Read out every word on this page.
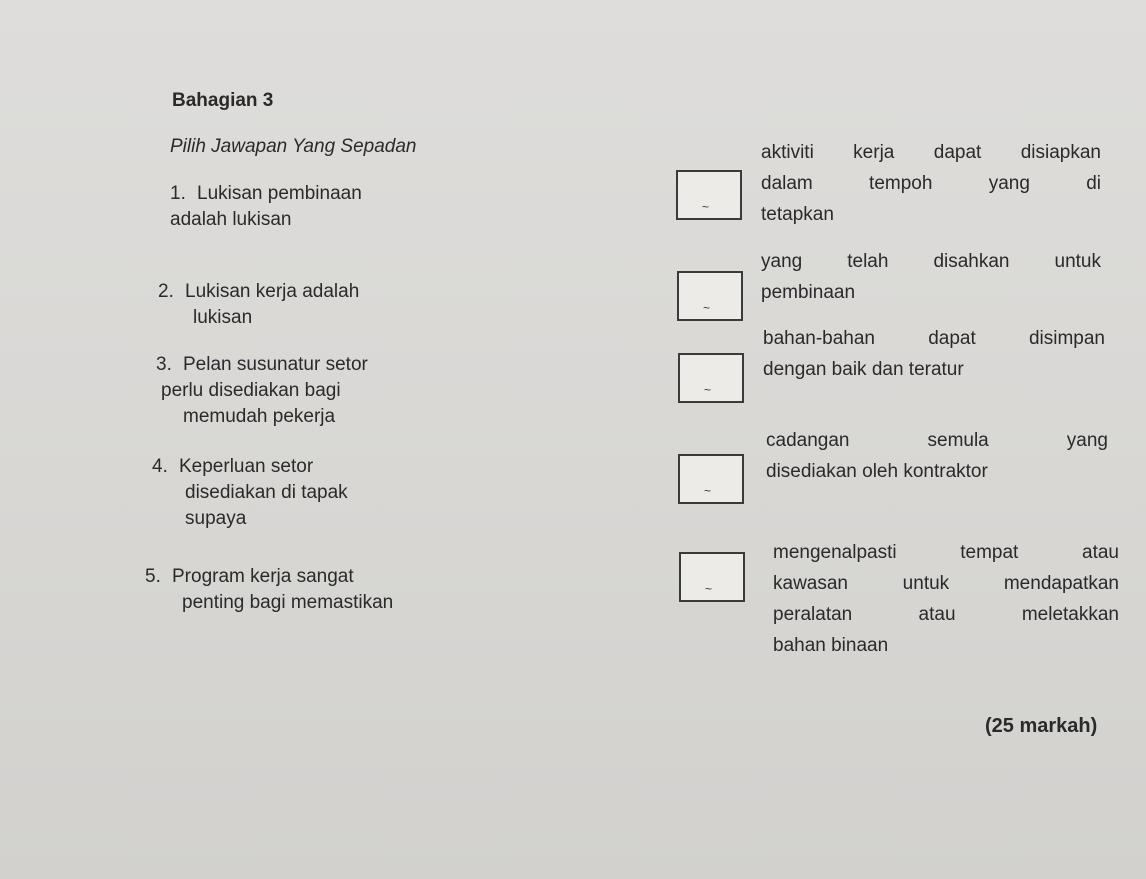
Bahagian 3
Pilih Jawapan Yang Sepadan
1. Lukisan pembinaan
adalah lukisan
2. Lukisan kerja adalah
lukisan
3. Pelan susunatur setor
perlu disediakan bagi
memudah pekerja
4. Keperluan setor
disediakan di tapak
supaya
5. Program kerja sangat
penting bagi memastikan
~
~
~
~
~
aktiviti kerja dapat disiapkan
dalam tempoh yang di
tetapkan
yang telah disahkan untuk
pembinaan
bahan-bahan dapat disimpan
dengan baik dan teratur
cadangan semula yang
disediakan oleh kontraktor
mengenalpasti tempat atau
kawasan untuk mendapatkan
peralatan atau meletakkan
bahan binaan
(25 markah)
